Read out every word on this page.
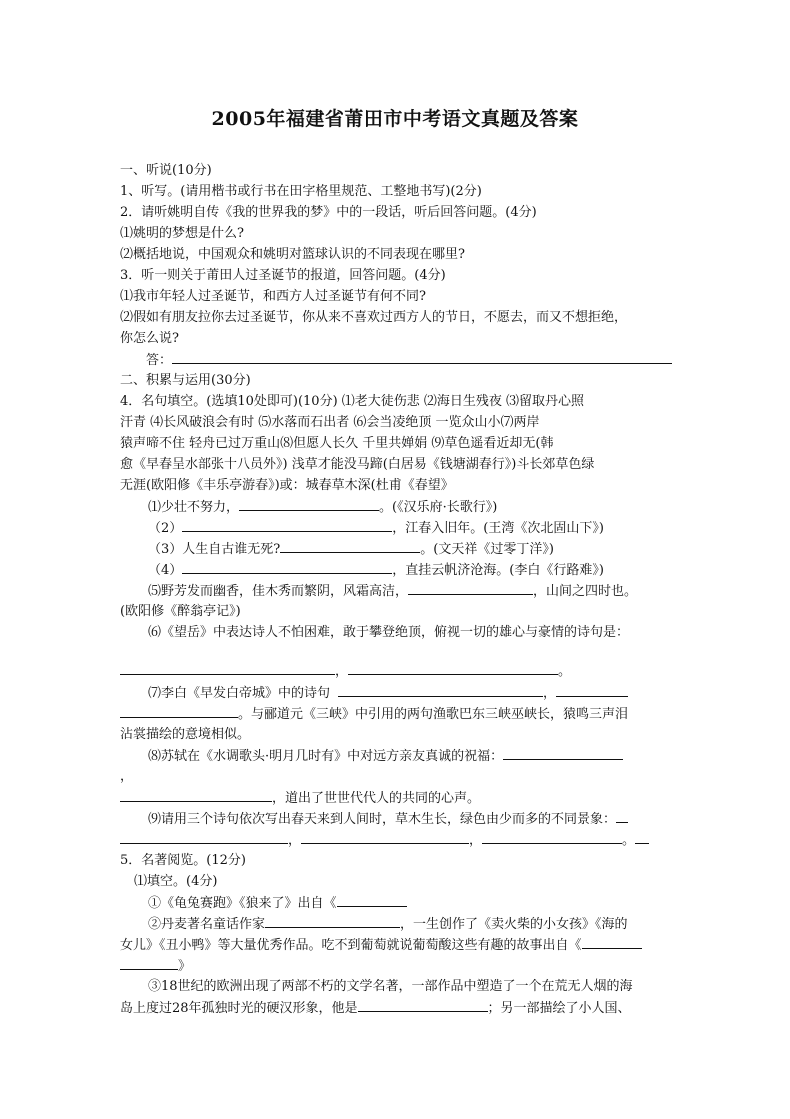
2005年福建省莆田市中考语文真题及答案
一、听说(10分)
1、听写。(请用楷书或行书在田字格里规范、工整地书写)(2分)
2．请听姚明自传《我的世界我的梦》中的一段话，听后回答问题。(4分)
⑴姚明的梦想是什么?
⑵概括地说，中国观众和姚明对篮球认识的不同表现在哪里?
3．听一则关于莆田人过圣诞节的报道，回答问题。(4分)
⑴我市年轻人过圣诞节，和西方人过圣诞节有何不同?
⑵假如有朋友拉你去过圣诞节，你从来不喜欢过西方人的节日，不愿去，而又不想拒绝，
你怎么说?
答：
二、积累与运用(30分)
4．名句填空。(选填10处即可)(10分) ⑴老大徒伤悲 ⑵海日生残夜 ⑶留取丹心照
汗青 ⑷长风破浪会有时 ⑸水落而石出者 ⑹会当凌绝顶 一览众山小⑺两岸
猿声啼不住 轻舟已过万重山⑻但愿人长久 千里共婵娟 ⑼草色遥看近却无(韩
愈《早春呈水部张十八员外》) 浅草才能没马蹄(白居易《钱塘湖春行》)斗长郊草色绿
无涯(欧阳修《丰乐亭游春》)或：城春草木深(杜甫《春望》
⑴少壮不努力，	。(《汉乐府·长歌行》)
（2）	，江春入旧年。(王湾《次北固山下》)
（3）人生自古谁无死?	。(文天祥《过零丁洋》)
（4）	，直挂云帆济沧海。(李白《行路难》)
⑸野芳发而幽香，佳木秀而繁阴，风霜高洁，	，山间之四时也。
(欧阳修《醉翁亭记》)
⑹《望岳》中表达诗人不怕困难，敢于攀登绝顶，俯视一切的雄心与豪情的诗句是：
，	。
⑺李白《早发白帝城》中的诗句	，
。与郦道元《三峡》中引用的两句渔歌巴东三峡巫峡长，猿鸣三声泪
沾裳描绘的意境相似。
⑻苏轼在《水调歌头·明月几时有》中对远方亲友真诚的祝福：
，
，道出了世世代代人的共同的心声。
⑼请用三个诗句依次写出春天来到人间时，草木生长，绿色由少而多的不同景象：
，	，	。
5．名著阅览。(12分)
⑴填空。(4分)
①《龟兔赛跑》《狼来了》出自《
②丹麦著名童话作家	，一生创作了《卖火柴的小女孩》《海的
女儿》《丑小鸭》等大量优秀作品。吃不到葡萄就说葡萄酸这些有趣的故事出自《
》
③18世纪的欧洲出现了两部不朽的文学名著，一部作品中塑造了一个在荒无人烟的海
岛上度过28年孤独时光的硬汉形象，他是	；另一部描绘了小人国、
